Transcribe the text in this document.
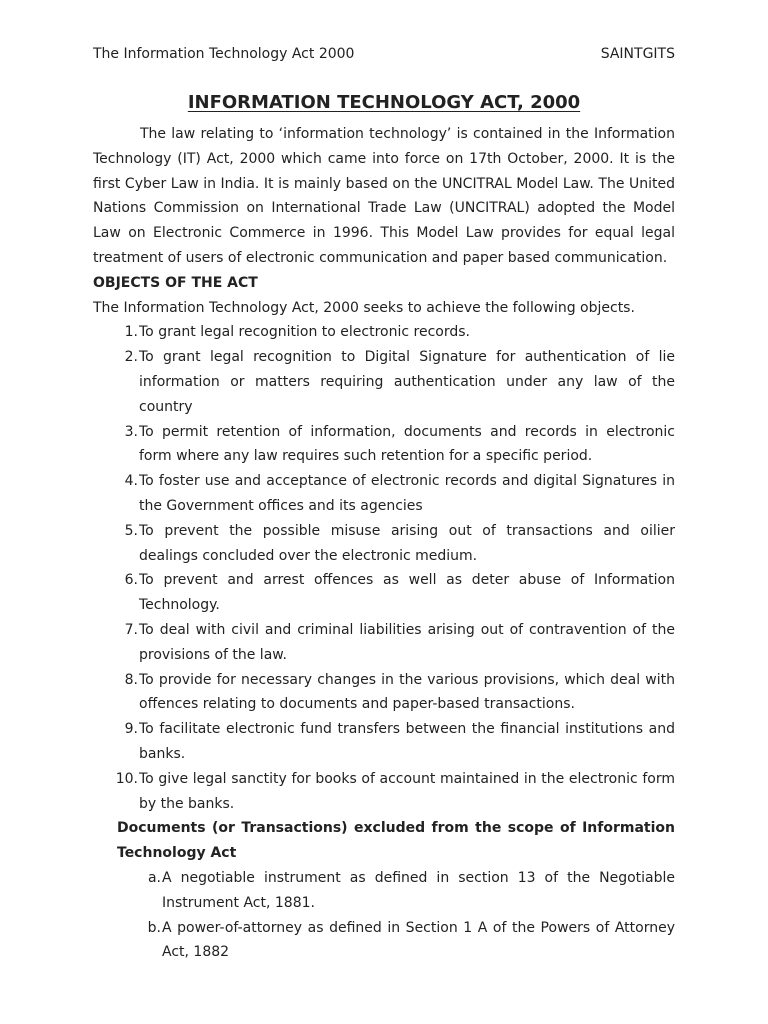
The Information Technology Act 2000	SAINTGITS
INFORMATION TECHNOLOGY ACT, 2000

The law relating to ‘information technology’ is contained in the Information Technology (IT) Act, 2000 which came into force on 17th October, 2000. It is the first Cyber Law in India. It is mainly based on the UNCITRAL Model Law. The United Nations Commission on International Trade Law (UNCITRAL) adopted the Model Law on Electronic Commerce in 1996. This Model Law provides for equal legal treatment of users of electronic communication and paper based communication.

OBJECTS OF THE ACT

The Information Technology Act, 2000 seeks to achieve the following objects.

1. To grant legal recognition to electronic records.
2. To grant legal recognition to Digital Signature for authentication of lie information or matters requiring authentication under any law of the country
3. To permit retention of information, documents and records in electronic form where any law requires such retention for a specific period.
4. To foster use and acceptance of electronic records and digital Signatures in the Government offices and its agencies
5. To prevent the possible misuse arising out of transactions and oilier dealings concluded over the electronic medium.
6. To prevent and arrest offences as well as deter abuse of Information Technology.
7. To deal with civil and criminal liabilities arising out of contravention of the provisions of the law.
8. To provide for necessary changes in the various provisions, which deal with offences relating to documents and paper-based transactions.
9. To facilitate electronic fund transfers between the financial institutions and banks.
10. To give legal sanctity for books of account maintained in the electronic form by the banks.

Documents (or Transactions) excluded from the scope of Information Technology Act

a. A negotiable instrument as defined in section 13 of the Negotiable Instrument Act, 1881.
b. A power-of-attorney as defined in Section 1 A of the Powers of Attorney Act, 1882
